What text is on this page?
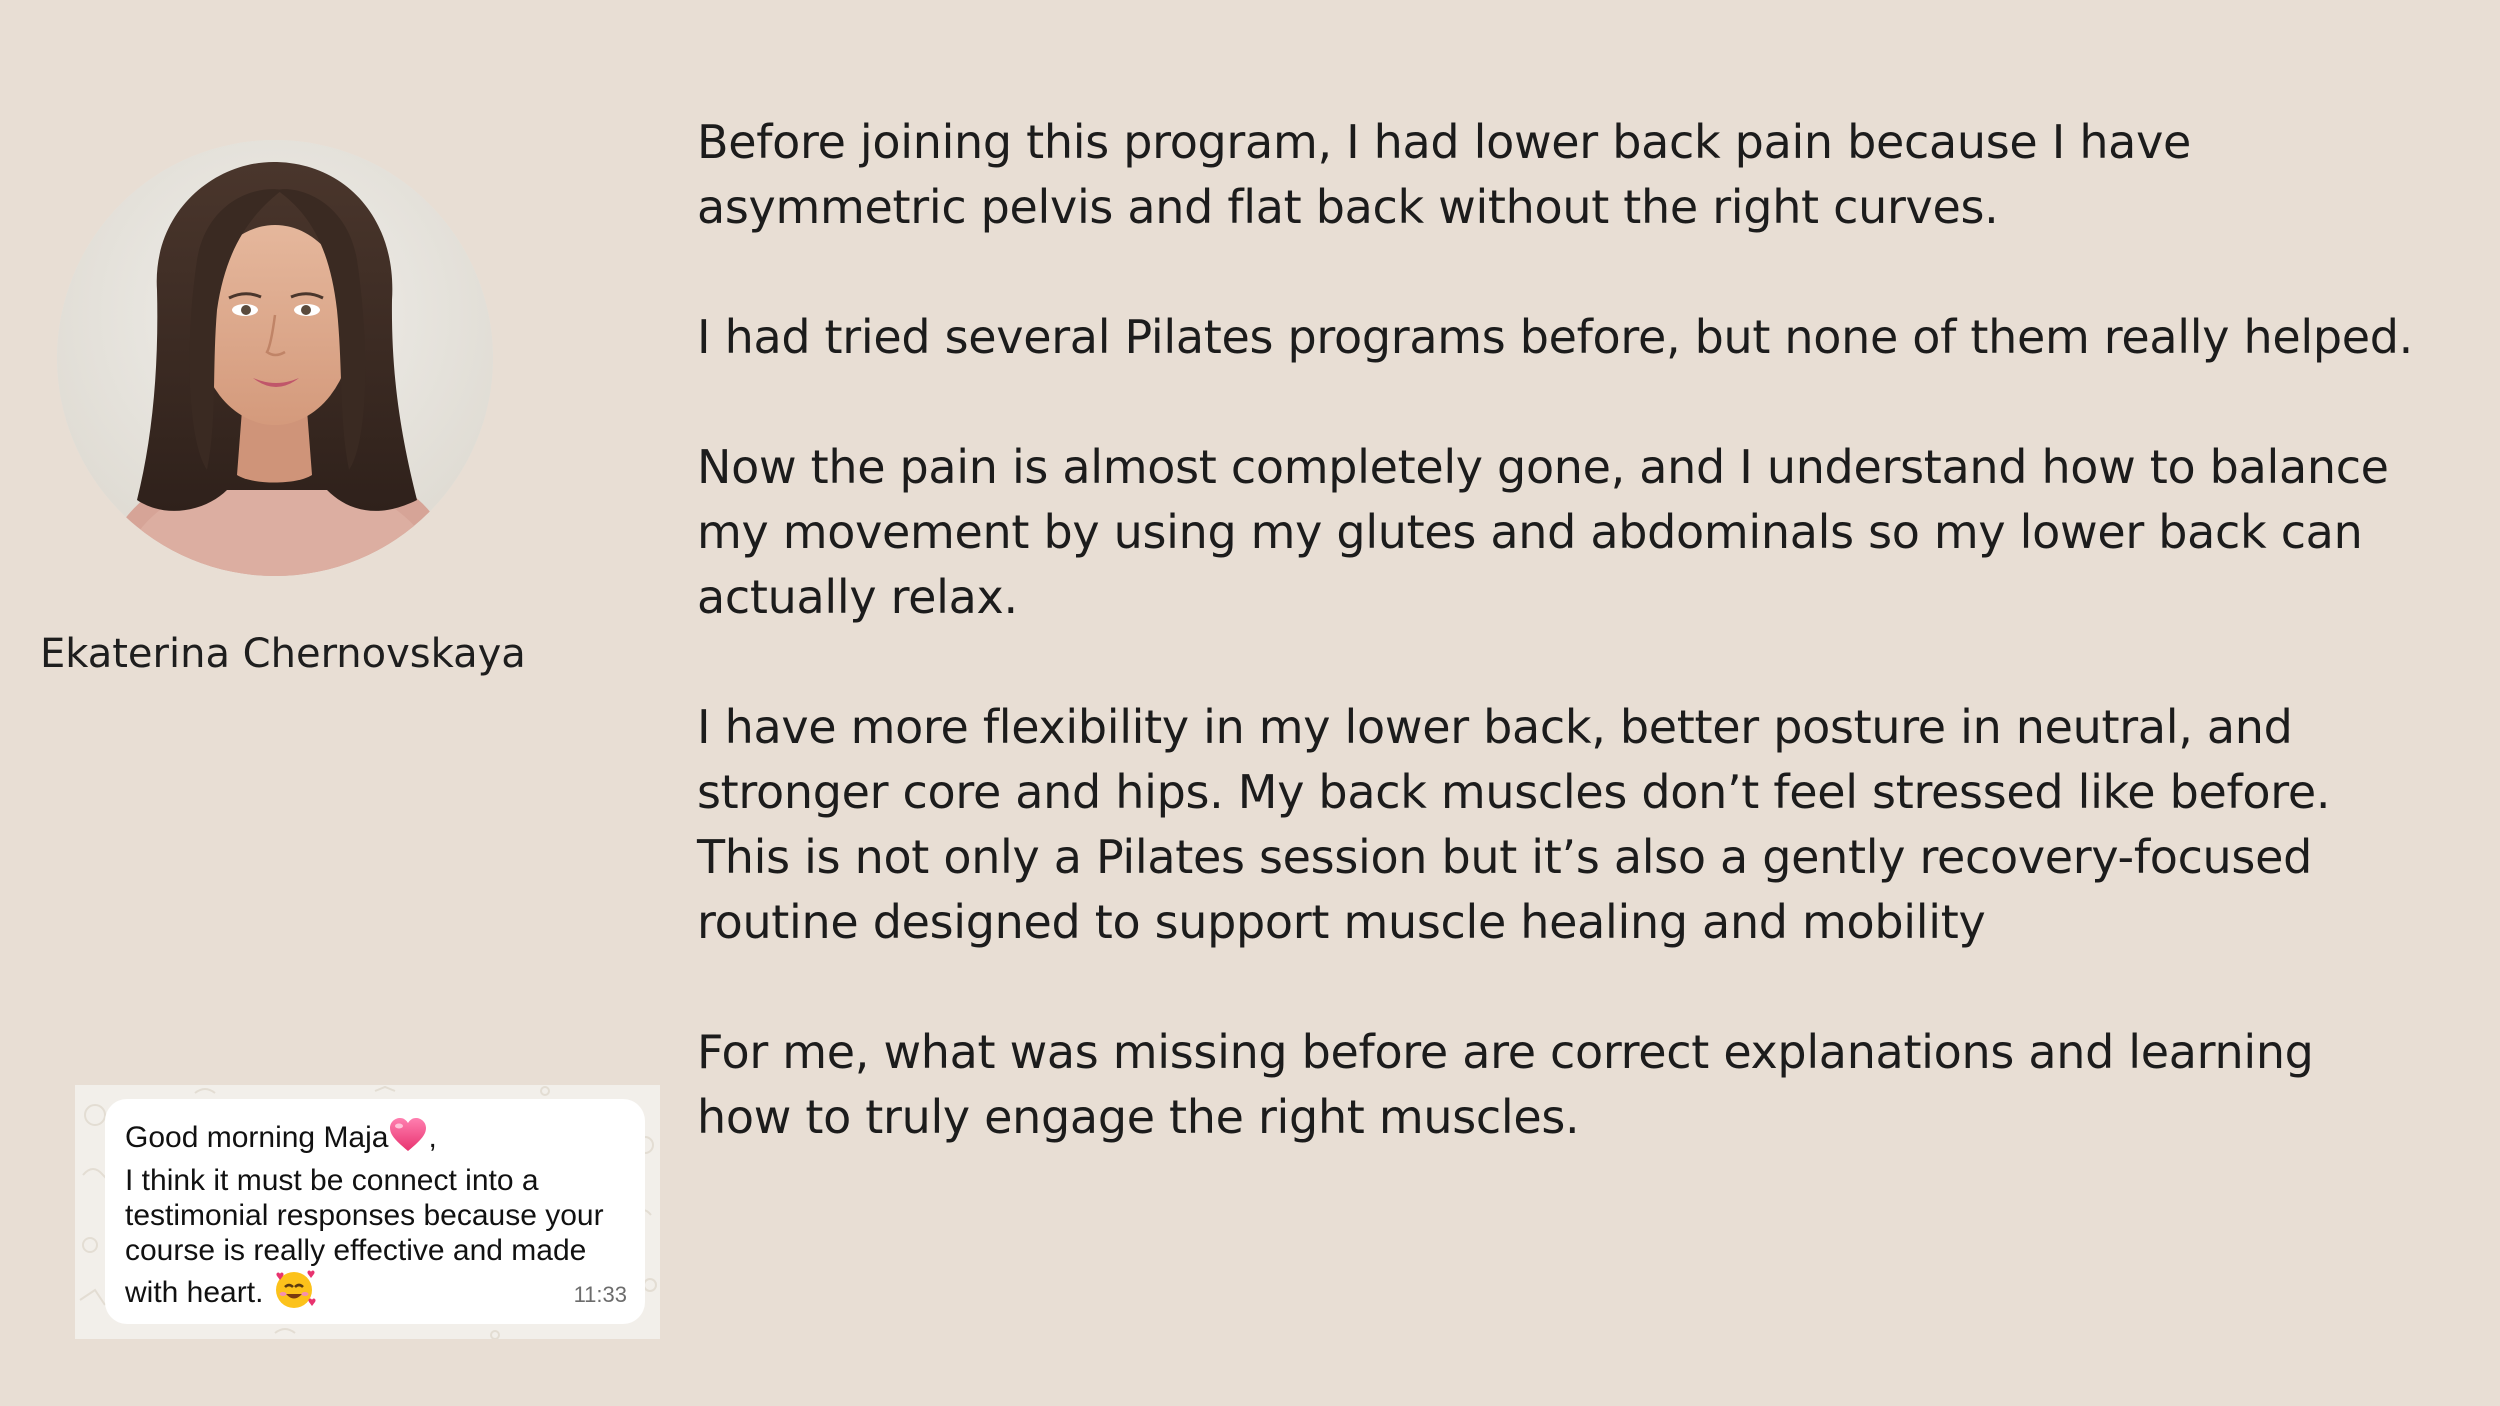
Ekaterina Chernovskaya

Before joining this program, I had lower back pain because I have asymmetric pelvis and flat back without the right curves.

I had tried several Pilates programs before, but none of them really helped.

Now the pain is almost completely gone, and I understand how to balance my movement by using my glutes and abdominals so my lower back can actually relax.

I have more flexibility in my lower back, better posture in neutral, and stronger core and hips. My back muscles don’t feel stressed like before. This is not only a Pilates session but it’s also a gently recovery-focused routine designed to support muscle healing and mobility

For me, what was missing before are correct explanations and learning how to truly engage the right muscles.

Good morning Maja ,
I think it must be connect into a
testimonial responses because your
course is really effective and made
with heart.	11:33
